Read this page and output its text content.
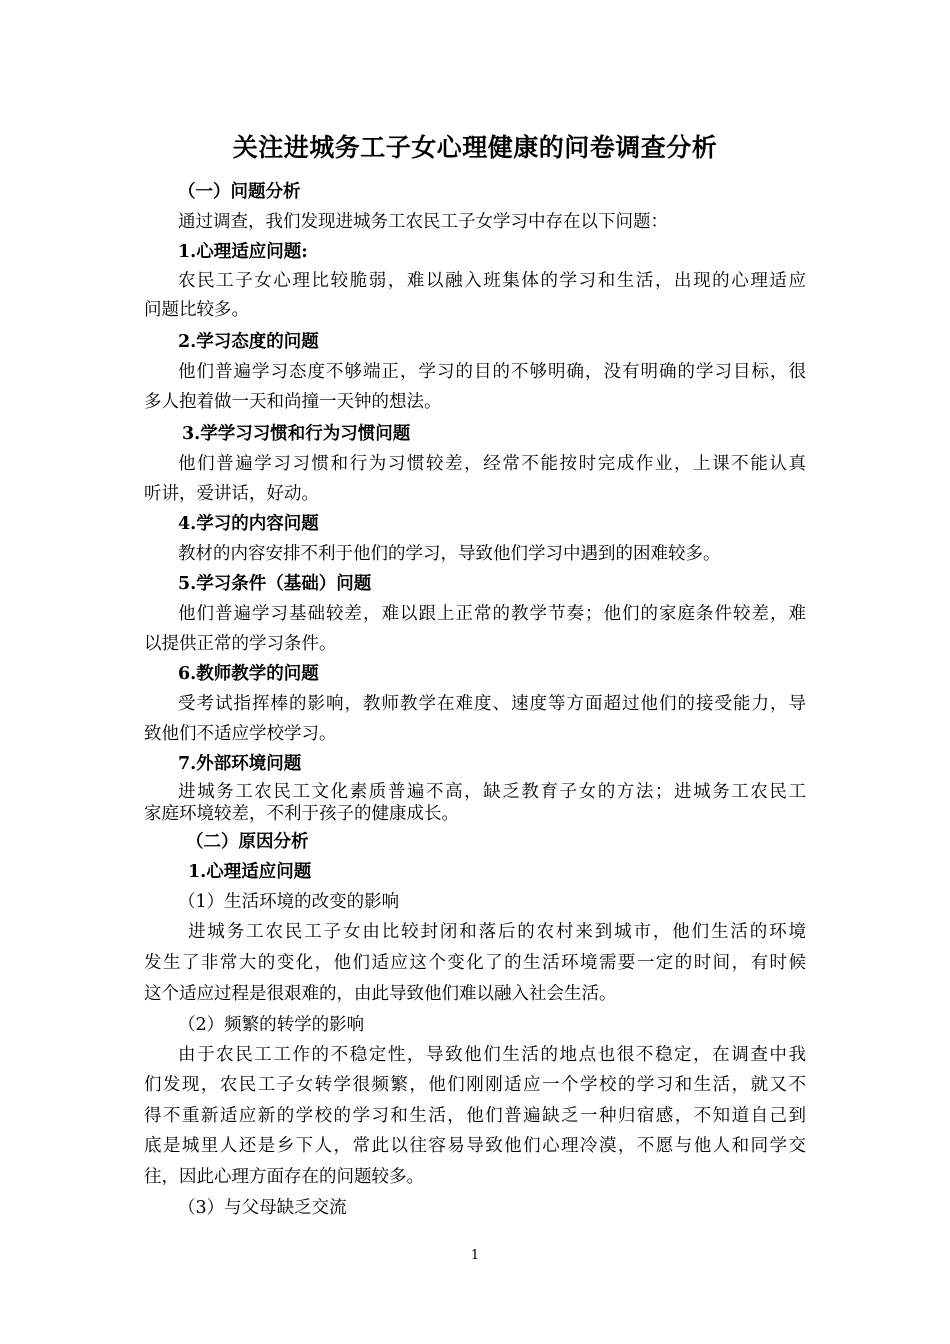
关注进城务工子女心理健康的问卷调查分析
（一）问题分析
通过调查，我们发现进城务工农民工子女学习中存在以下问题：
1.心理适应问题:
农民工子女心理比较脆弱，难以融入班集体的学习和生活，出现的心理适应
问题比较多。
2.学习态度的问题
他们普遍学习态度不够端正，学习的目的不够明确，没有明确的学习目标，很
多人抱着做一天和尚撞一天钟的想法。
3.学学习习惯和行为习惯问题
他们普遍学习习惯和行为习惯较差，经常不能按时完成作业，上课不能认真
听讲，爱讲话，好动。
4.学习的内容问题
教材的内容安排不利于他们的学习，导致他们学习中遇到的困难较多。
5.学习条件（基础）问题
他们普遍学习基础较差，难以跟上正常的教学节奏；他们的家庭条件较差，难
以提供正常的学习条件。
6.教师教学的问题
受考试指挥棒的影响，教师教学在难度、速度等方面超过他们的接受能力，导
致他们不适应学校学习。
7.外部环境问题
进城务工农民工文化素质普遍不高，缺乏教育子女的方法；进城务工农民工
家庭环境较差，不利于孩子的健康成长。
（二）原因分析
1.心理适应问题
（1）生活环境的改变的影响
进城务工农民工子女由比较封闭和落后的农村来到城市，他们生活的环境
发生了非常大的变化，他们适应这个变化了的生活环境需要一定的时间，有时候
这个适应过程是很艰难的，由此导致他们难以融入社会生活。
（2）频繁的转学的影响
由于农民工工作的不稳定性，导致他们生活的地点也很不稳定，在调查中我
们发现，农民工子女转学很频繁，他们刚刚适应一个学校的学习和生活，就又不
得不重新适应新的学校的学习和生活，他们普遍缺乏一种归宿感，不知道自己到
底是城里人还是乡下人，常此以往容易导致他们心理冷漠，不愿与他人和同学交
往，因此心理方面存在的问题较多。
（3）与父母缺乏交流
1
